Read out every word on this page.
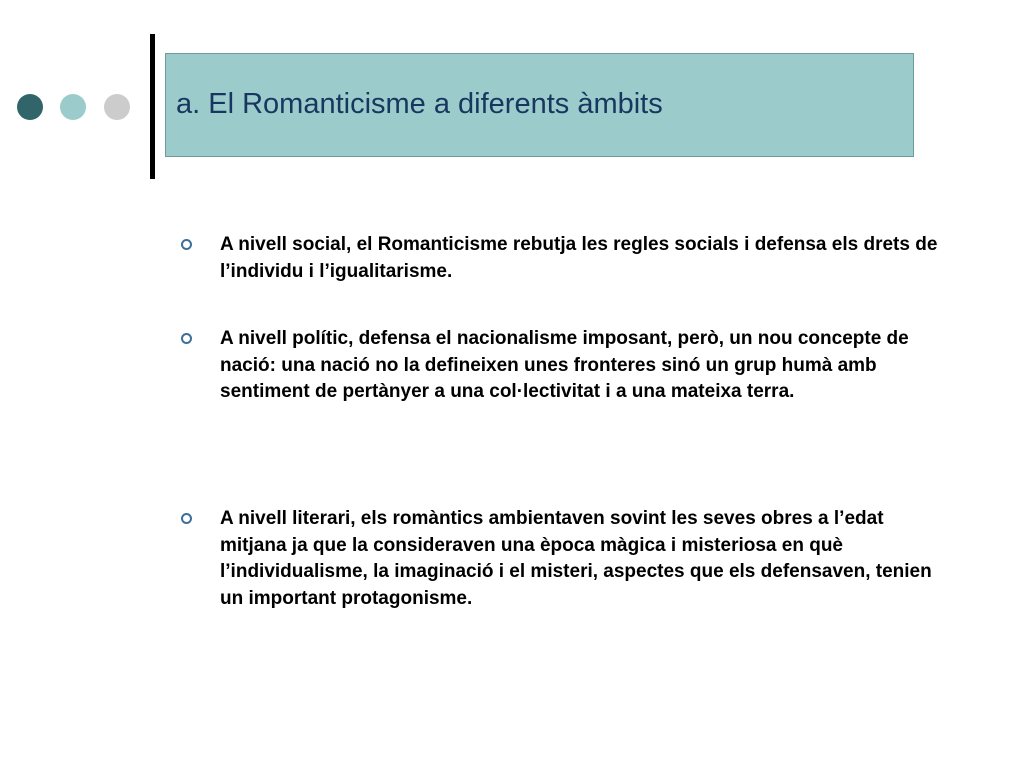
a. El Romanticisme a diferents àmbits
A nivell social, el Romanticisme rebutja les regles socials i defensa els drets de l’individu i l’igualitarisme.
A nivell polític, defensa el nacionalisme imposant, però, un nou concepte de nació: una nació no la defineixen unes fronteres sinó un grup humà amb sentiment de pertànyer a una col·lectivitat i a una mateixa terra.
A nivell literari, els romàntics ambientaven sovint les seves obres a l’edat mitjana ja que la consideraven una època màgica i misteriosa en què l’individualisme, la imaginació i el misteri, aspectes que els defensaven, tenien un important protagonisme.
